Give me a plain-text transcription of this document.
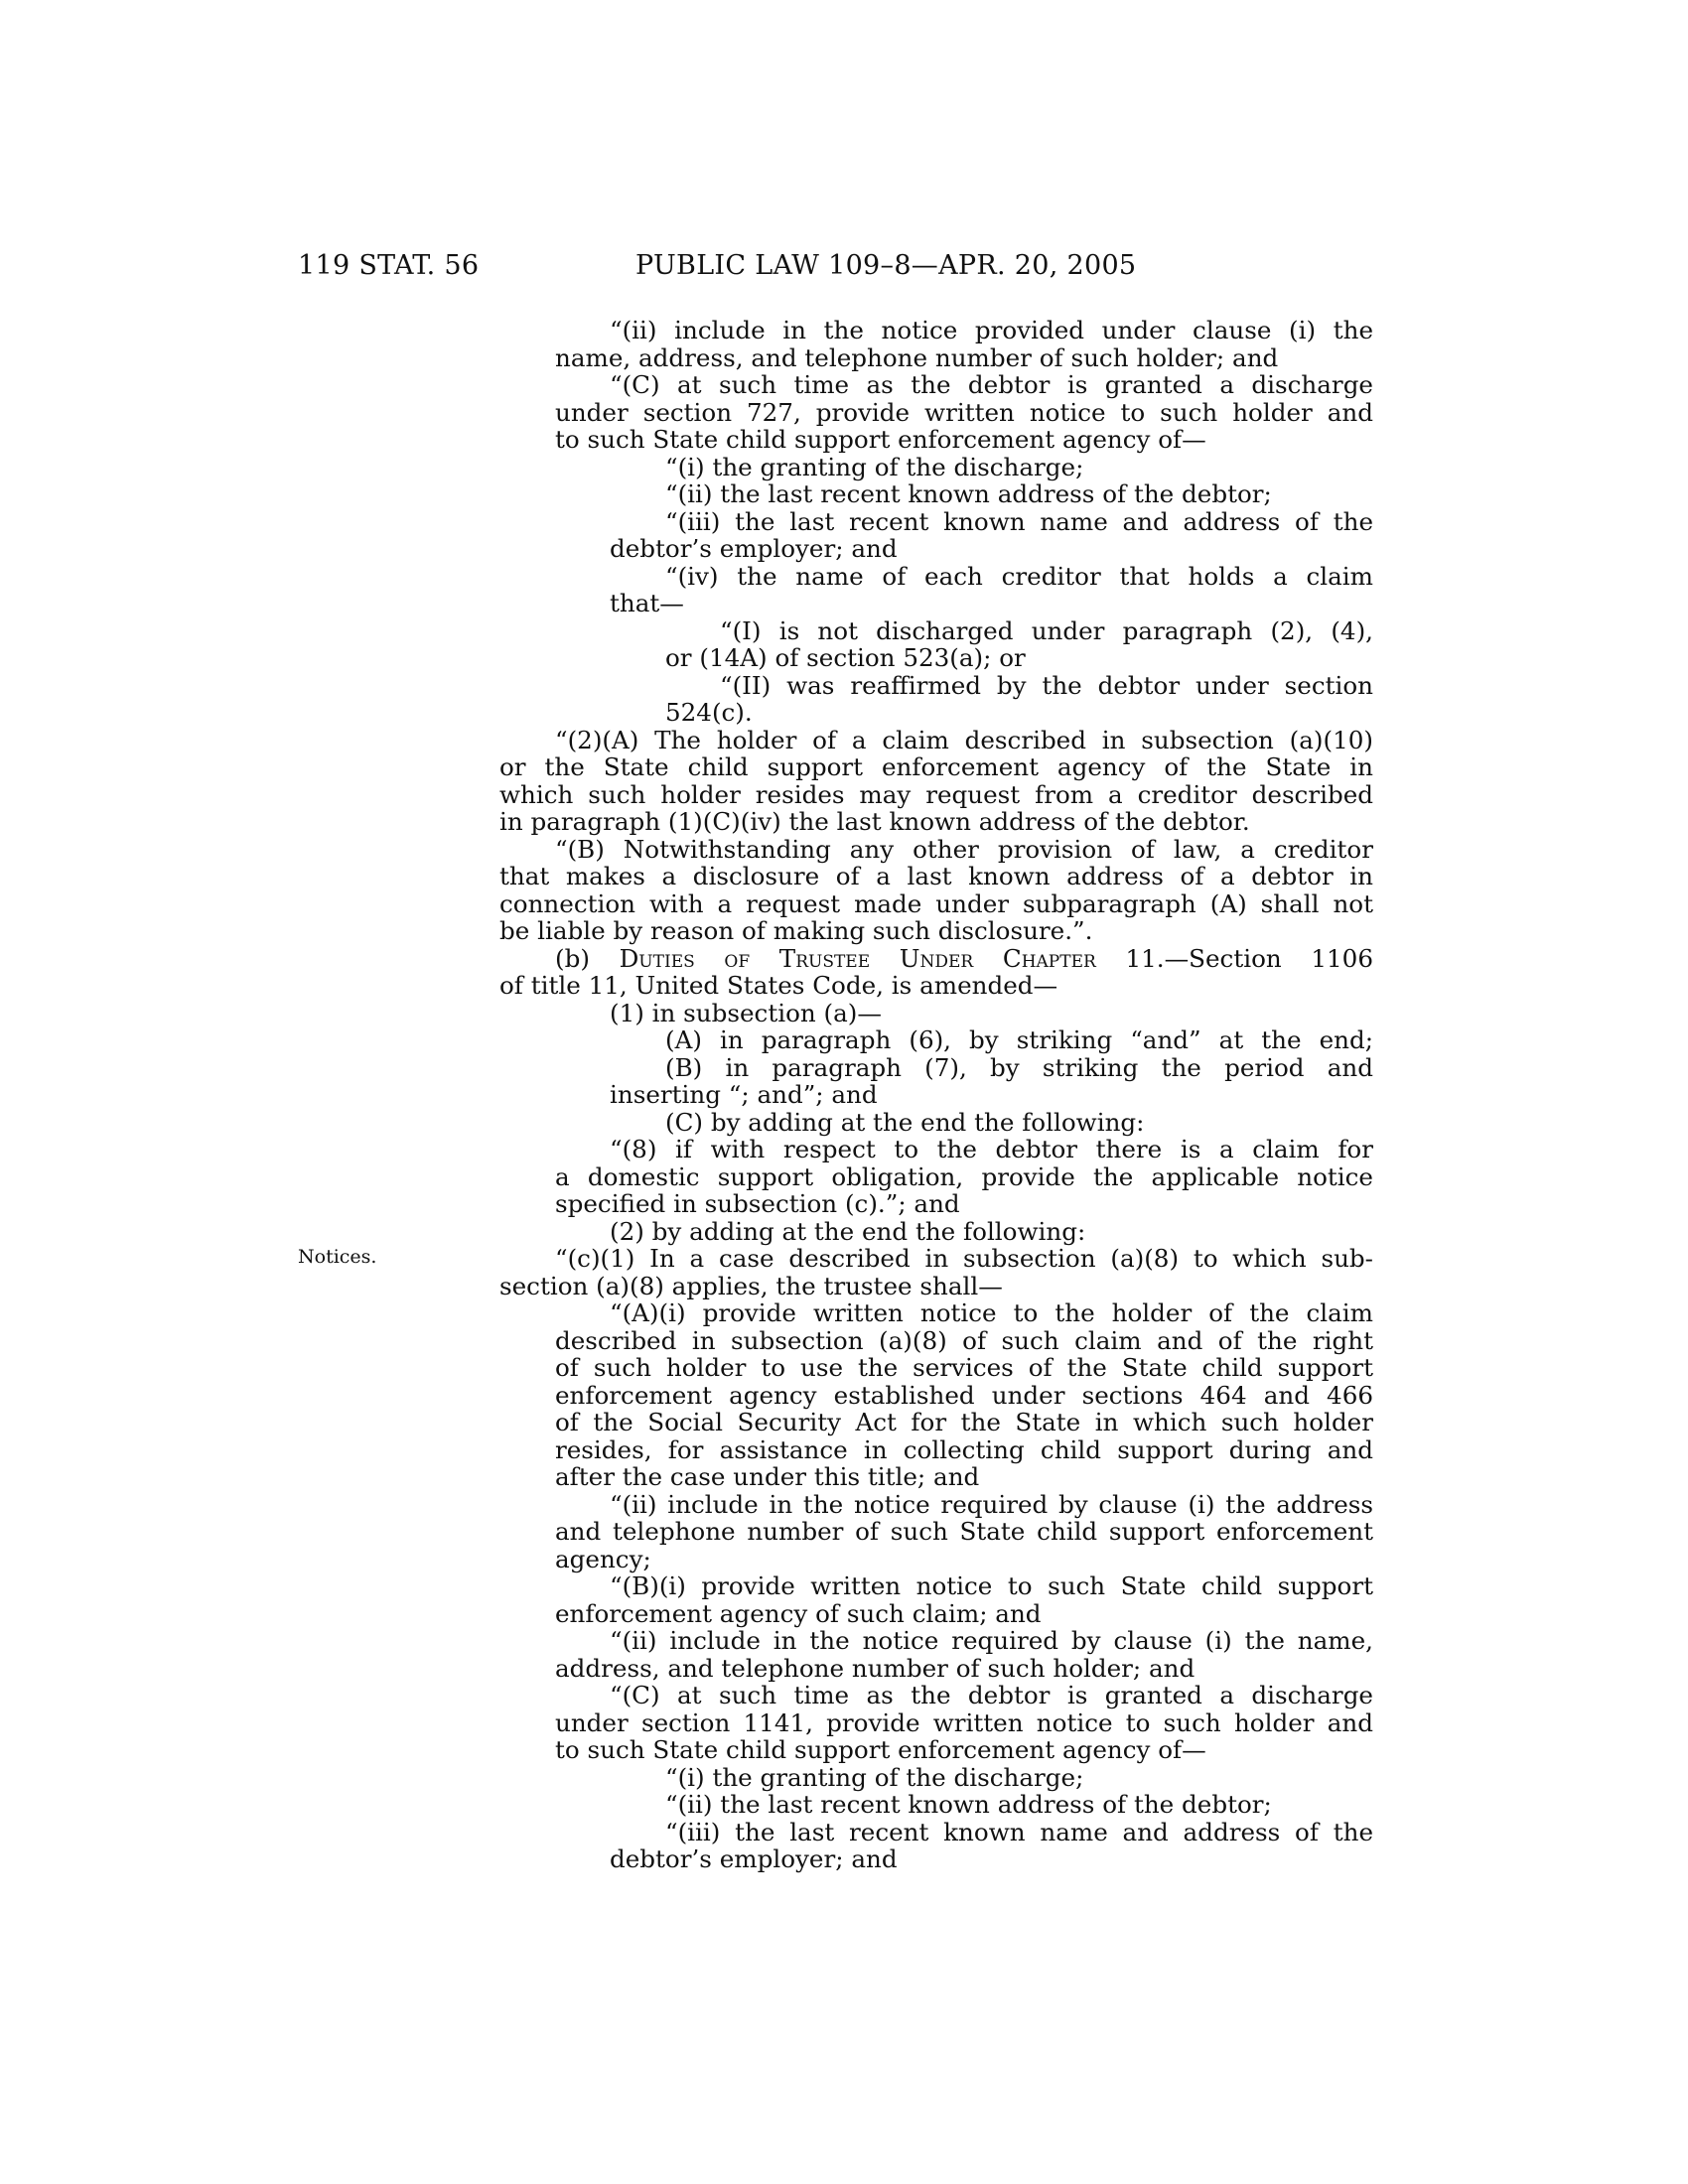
119 STAT. 56	PUBLIC LAW 109–8—APR. 20, 2005
Notices.
“(ii) include in the notice provided under clause (i) the
name, address, and telephone number of such holder; and
“(C) at such time as the debtor is granted a discharge
under section 727, provide written notice to such holder and
to such State child support enforcement agency of—
“(i) the granting of the discharge;
“(ii) the last recent known address of the debtor;
“(iii) the last recent known name and address of the
debtor’s employer; and
“(iv) the name of each creditor that holds a claim
that—
“(I) is not discharged under paragraph (2), (4),
or (14A) of section 523(a); or
“(II) was reaffirmed by the debtor under section
524(c).
“(2)(A) The holder of a claim described in subsection (a)(10)
or the State child support enforcement agency of the State in
which such holder resides may request from a creditor described
in paragraph (1)(C)(iv) the last known address of the debtor.
“(B) Notwithstanding any other provision of law, a creditor
that makes a disclosure of a last known address of a debtor in
connection with a request made under subparagraph (A) shall not
be liable by reason of making such disclosure.”.
(b) Duties of Trustee Under Chapter 11.—Section 1106
of title 11, United States Code, is amended—
(1) in subsection (a)—
(A) in paragraph (6), by striking “and” at the end;
(B) in paragraph (7), by striking the period and
inserting “; and”; and
(C) by adding at the end the following:
“(8) if with respect to the debtor there is a claim for
a domestic support obligation, provide the applicable notice
specified in subsection (c).”; and
(2) by adding at the end the following:
“(c)(1) In a case described in subsection (a)(8) to which sub-
section (a)(8) applies, the trustee shall—
“(A)(i) provide written notice to the holder of the claim
described in subsection (a)(8) of such claim and of the right
of such holder to use the services of the State child support
enforcement agency established under sections 464 and 466
of the Social Security Act for the State in which such holder
resides, for assistance in collecting child support during and
after the case under this title; and
“(ii) include in the notice required by clause (i) the address
and telephone number of such State child support enforcement
agency;
“(B)(i) provide written notice to such State child support
enforcement agency of such claim; and
“(ii) include in the notice required by clause (i) the name,
address, and telephone number of such holder; and
“(C) at such time as the debtor is granted a discharge
under section 1141, provide written notice to such holder and
to such State child support enforcement agency of—
“(i) the granting of the discharge;
“(ii) the last recent known address of the debtor;
“(iii) the last recent known name and address of the
debtor’s employer; and
